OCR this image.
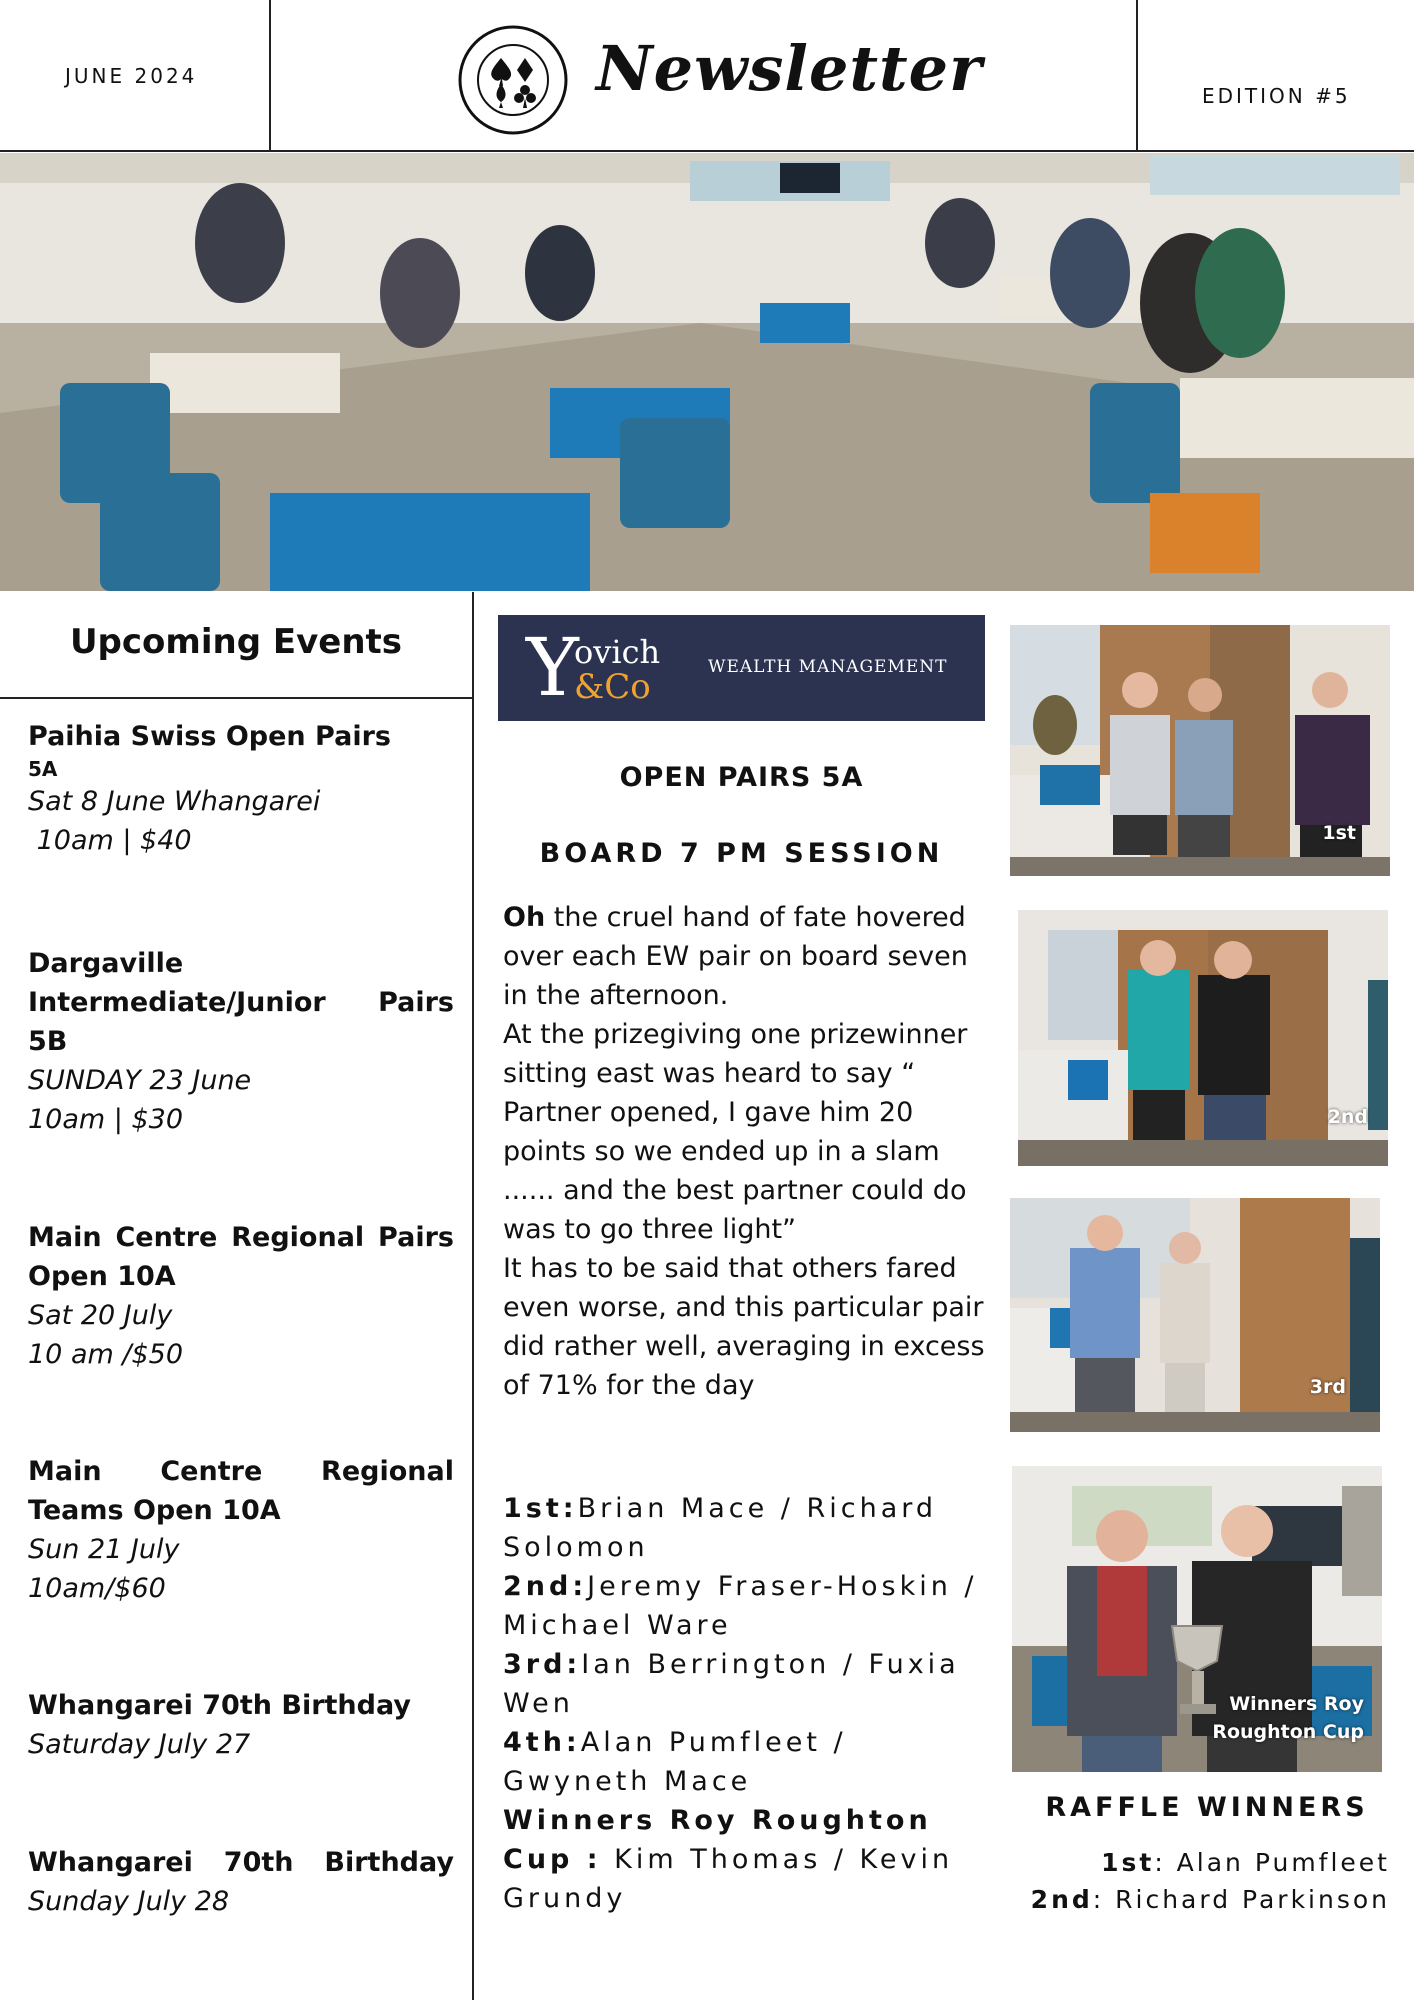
JUNE 2024	Newsletter	EDITION #5
Upcoming Events
Paihia Swiss Open Pairs
5A
Sat 8 June Whangarei
10am | $40
Dargaville
Intermediate/Junior Pairs
5B
SUNDAY 23 June
10am | $30
Main Centre Regional Pairs
Open 10A
Sat 20 July
10 am /$50
Main Centre Regional
Teams Open 10A
Sun 21 July
10am/$60
Whangarei 70th Birthday
Saturday July 27
Whangarei 70th Birthday
Sunday July 28
Y
ovich
&Co	WEALTH MANAGEMENT
OPEN PAIRS 5A
BOARD 7 PM SESSION

Oh the cruel hand of fate hovered over each EW pair on board seven in the afternoon.

At the prizegiving one prizewinner sitting east was heard to say “ Partner opened, I gave him 20 points so we ended up in a slam ...... and the best partner could do was to go three light”

It has to be said that others fared even worse, and this particular pair did rather well, averaging in excess of 71% for the day

1st:Brian Mace / Richard Solomon
2nd:Jeremy Fraser-Hoskin / Michael Ware
3rd:Ian Berrington / Fuxia Wen
4th:Alan Pumfleet / Gwyneth Mace
Winners Roy Roughton Cup : Kim Thomas / Kevin Grundy
1st
2nd
3rd
Winners Roy
Roughton Cup
RAFFLE WINNERS
1st: Alan Pumfleet
2nd: Richard Parkinson
